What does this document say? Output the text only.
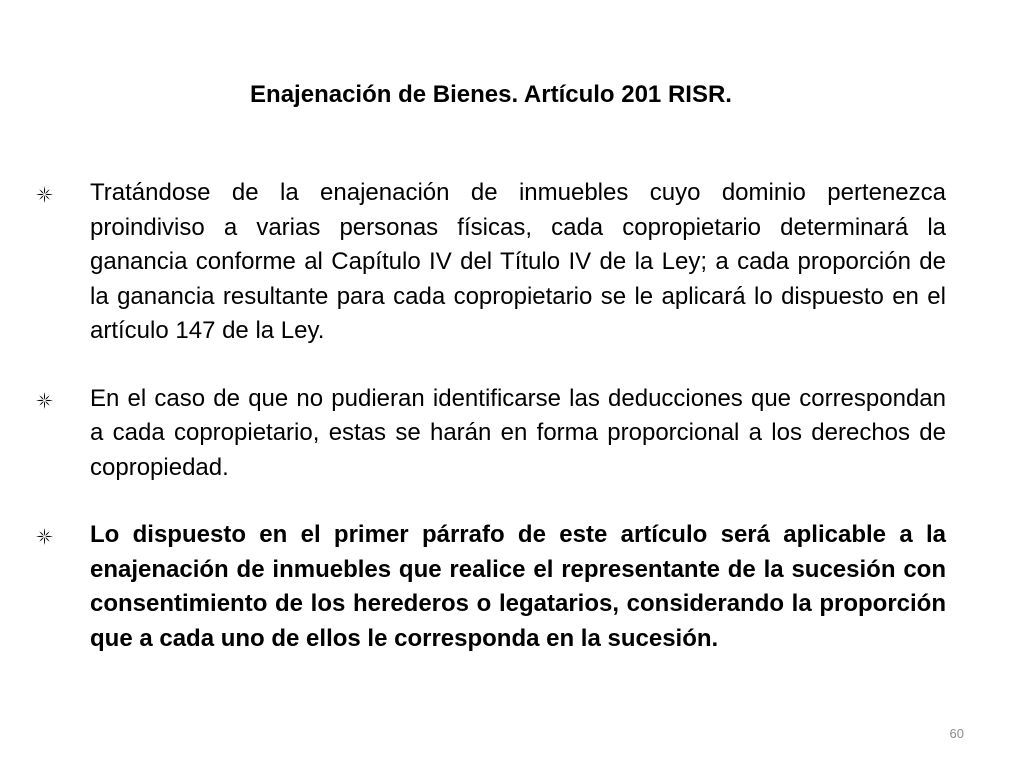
Enajenación de Bienes. Artículo 201 RISR.
Tratándose de la enajenación de inmuebles cuyo dominio pertenezca proindiviso a varias personas físicas, cada copropietario determinará la ganancia conforme al Capítulo IV del Título IV de la Ley; a cada proporción de la ganancia resultante para cada copropietario se le aplicará lo dispuesto en el artículo 147 de la Ley.
En el caso de que no pudieran identificarse las deducciones que correspondan a cada copropietario, estas se harán en forma proporcional a los derechos de copropiedad.
Lo dispuesto en el primer párrafo de este artículo será aplicable a la enajenación de inmuebles que realice el representante de la sucesión con consentimiento de los herederos o legatarios, considerando la proporción que a cada uno de ellos le corresponda en la sucesión.
60
